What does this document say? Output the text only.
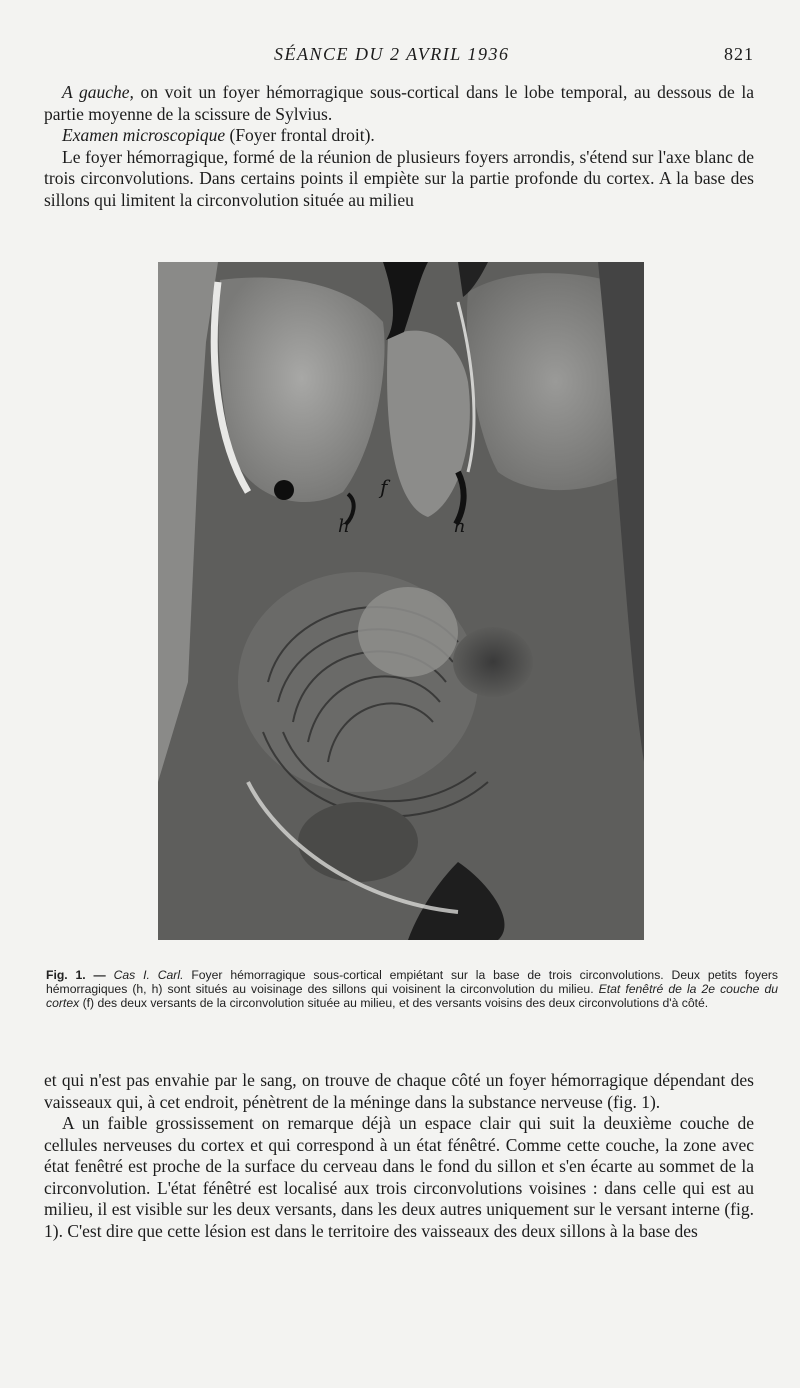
SÉANCE DU 2 AVRIL 1936	821

A gauche, on voit un foyer hémorragique sous-cortical dans le lobe temporal, au dessous de la partie moyenne de la scissure de Sylvius.

Examen microscopique (Foyer frontal droit).

Le foyer hémorragique, formé de la réunion de plusieurs foyers arrondis, s'étend sur l'axe blanc de trois circonvolutions. Dans certains points il empiète sur la partie profonde du cortex. A la base des sillons qui limitent la circonvolution située au milieu

f
h
h
Fig. 1. — Cas I. Carl. Foyer hémorragique sous-cortical empiétant sur la base de trois circonvolutions. Deux petits foyers hémorragiques (h, h) sont situés au voisinage des sillons qui voisinent la circonvolution du milieu. Etat fenêtré de la 2e couche du cortex (f) des deux versants de la circonvolution située au milieu, et des versants voisins des deux circonvolutions d'à côté.

et qui n'est pas envahie par le sang, on trouve de chaque côté un foyer hémorragique dépendant des vaisseaux qui, à cet endroit, pénètrent de la méninge dans la substance nerveuse (fig. 1).

A un faible grossissement on remarque déjà un espace clair qui suit la deuxième couche de cellules nerveuses du cortex et qui correspond à un état fénêtré. Comme cette couche, la zone avec état fenêtré est proche de la surface du cerveau dans le fond du sillon et s'en écarte au sommet de la circonvolution. L'état fénêtré est localisé aux trois circonvolutions voisines : dans celle qui est au milieu, il est visible sur les deux versants, dans les deux autres uniquement sur le versant interne (fig. 1). C'est dire que cette lésion est dans le territoire des vaisseaux des deux sillons à la base des
